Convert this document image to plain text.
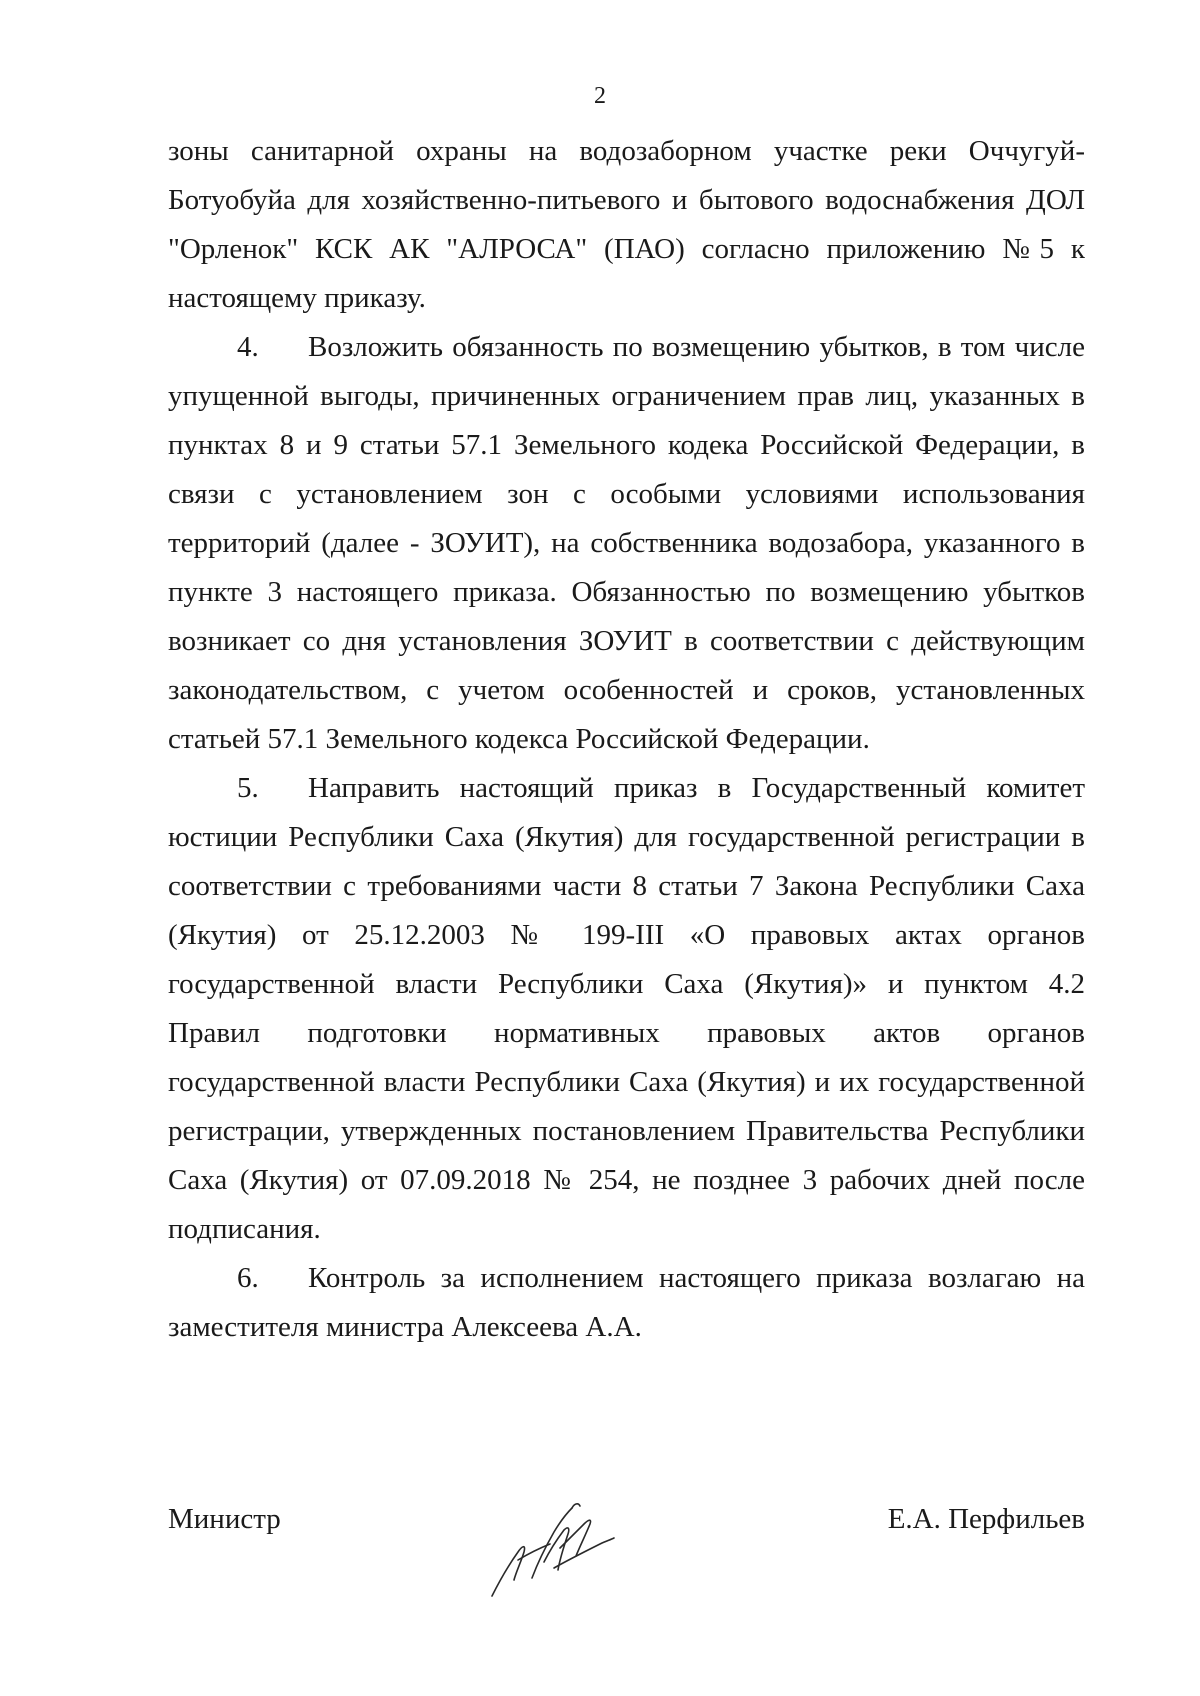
2

зоны санитарной охраны на водозаборном участке реки Оччугуй-Ботуобуйа для хозяйственно-питьевого и бытового водоснабжения ДОЛ "Орленок" КСК АК "АЛРОСА" (ПАО) согласно приложению №5 к настоящему приказу.

4. Возложить обязанность по возмещению убытков, в том числе упущенной выгоды, причиненных ограничением прав лиц, указанных в пунктах 8 и 9 статьи 57.1 Земельного кодека Российской Федерации, в связи с установлением зон с особыми условиями использования территорий (далее - ЗОУИТ), на собственника водозабора, указанного в пункте 3 настоящего приказа. Обязанностью по возмещению убытков возникает со дня установления ЗОУИТ в соответствии с действующим законодательством, с учетом особенностей и сроков, установленных статьей 57.1 Земельного кодекса Российской Федерации.

5. Направить настоящий приказ в Государственный комитет юстиции Республики Саха (Якутия) для государственной регистрации в соответствии с требованиями части 8 статьи 7 Закона Республики Саха (Якутия) от 25.12.2003 № 199-III «О правовых актах органов государственной власти Республики Саха (Якутия)» и пунктом 4.2 Правил подготовки нормативных правовых актов органов государственной власти Республики Саха (Якутия) и их государственной регистрации, утвержденных постановлением Правительства Республики Саха (Якутия) от 07.09.2018 № 254, не позднее 3 рабочих дней после подписания.

6. Контроль за исполнением настоящего приказа возлагаю на заместителя министра Алексеева А.А.

Министр	Е.А. Перфильев
